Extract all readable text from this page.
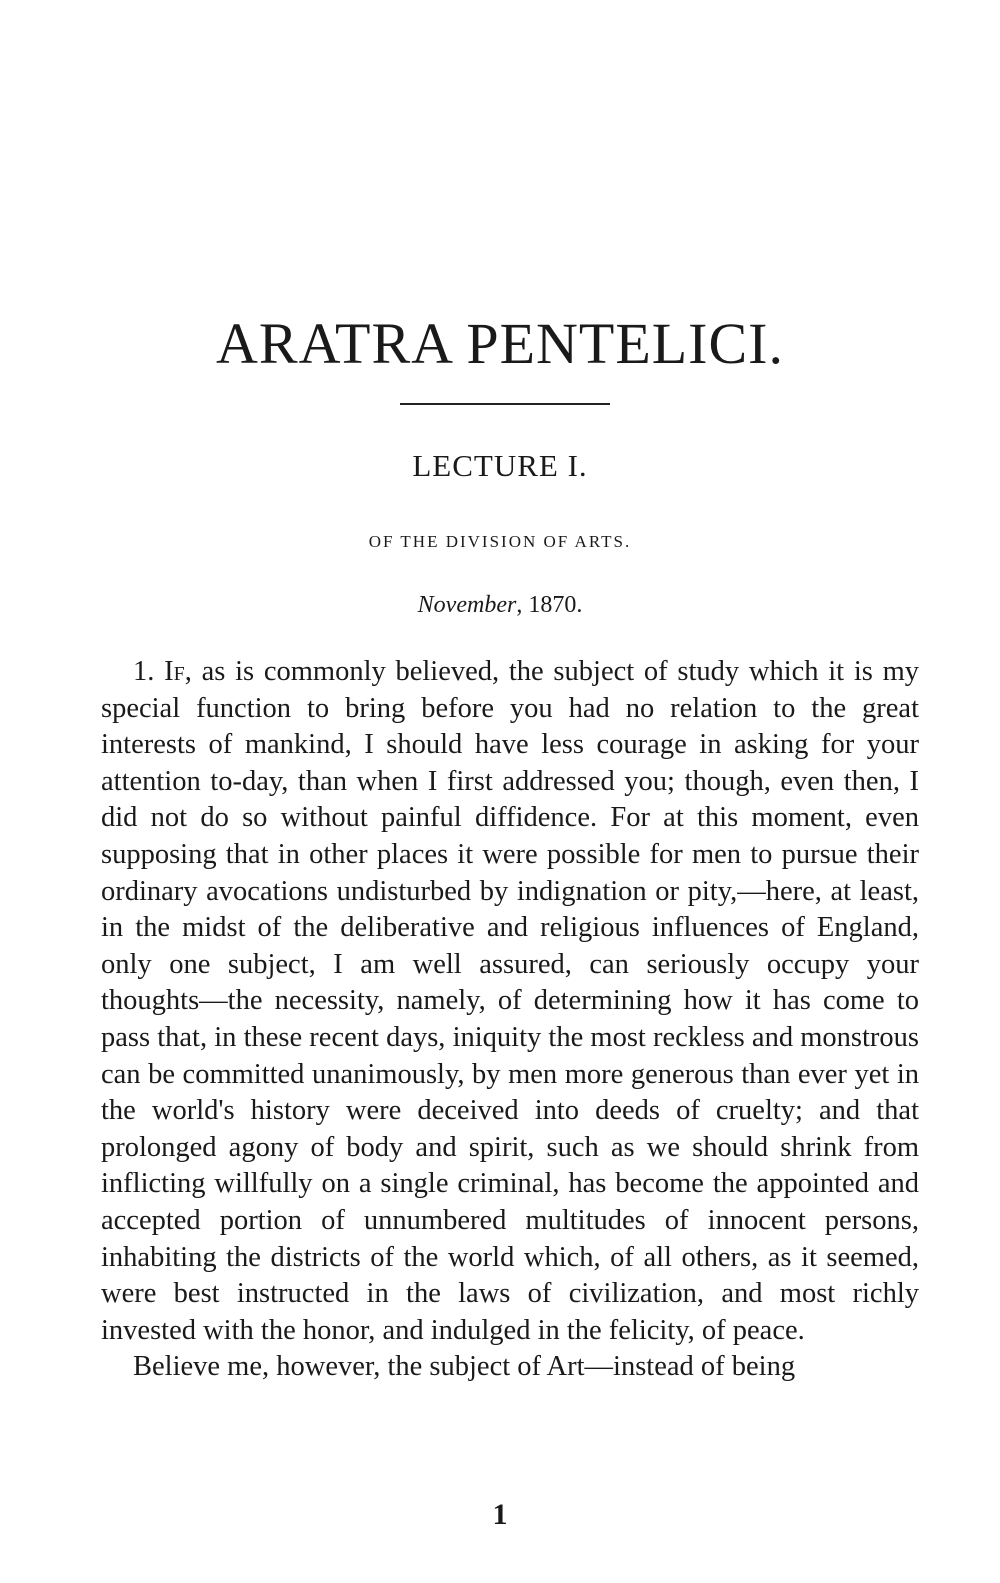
ARATRA PENTELICI.
LECTURE I.
OF THE DIVISION OF ARTS.
November, 1870.

1. If, as is commonly believed, the subject of study which it is my special function to bring before you had no relation to the great interests of mankind, I should have less courage in asking for your attention to-day, than when I first addressed you; though, even then, I did not do so without painful diffidence. For at this moment, even supposing that in other places it were possible for men to pursue their ordinary avocations undisturbed by indignation or pity,—here, at least, in the midst of the deliberative and religious influences of England, only one subject, I am well assured, can seriously occupy your thoughts—the necessity, namely, of determining how it has come to pass that, in these recent days, iniquity the most reckless and monstrous can be committed unanimously, by men more generous than ever yet in the world's history were deceived into deeds of cruelty; and that prolonged agony of body and spirit, such as we should shrink from inflicting willfully on a single criminal, has become the appointed and accepted portion of unnumbered multitudes of innocent persons, inhabiting the districts of the world which, of all others, as it seemed, were best instructed in the laws of civilization, and most richly invested with the honor, and indulged in the felicity, of peace.

Believe me, however, the subject of Art—instead of being

1
